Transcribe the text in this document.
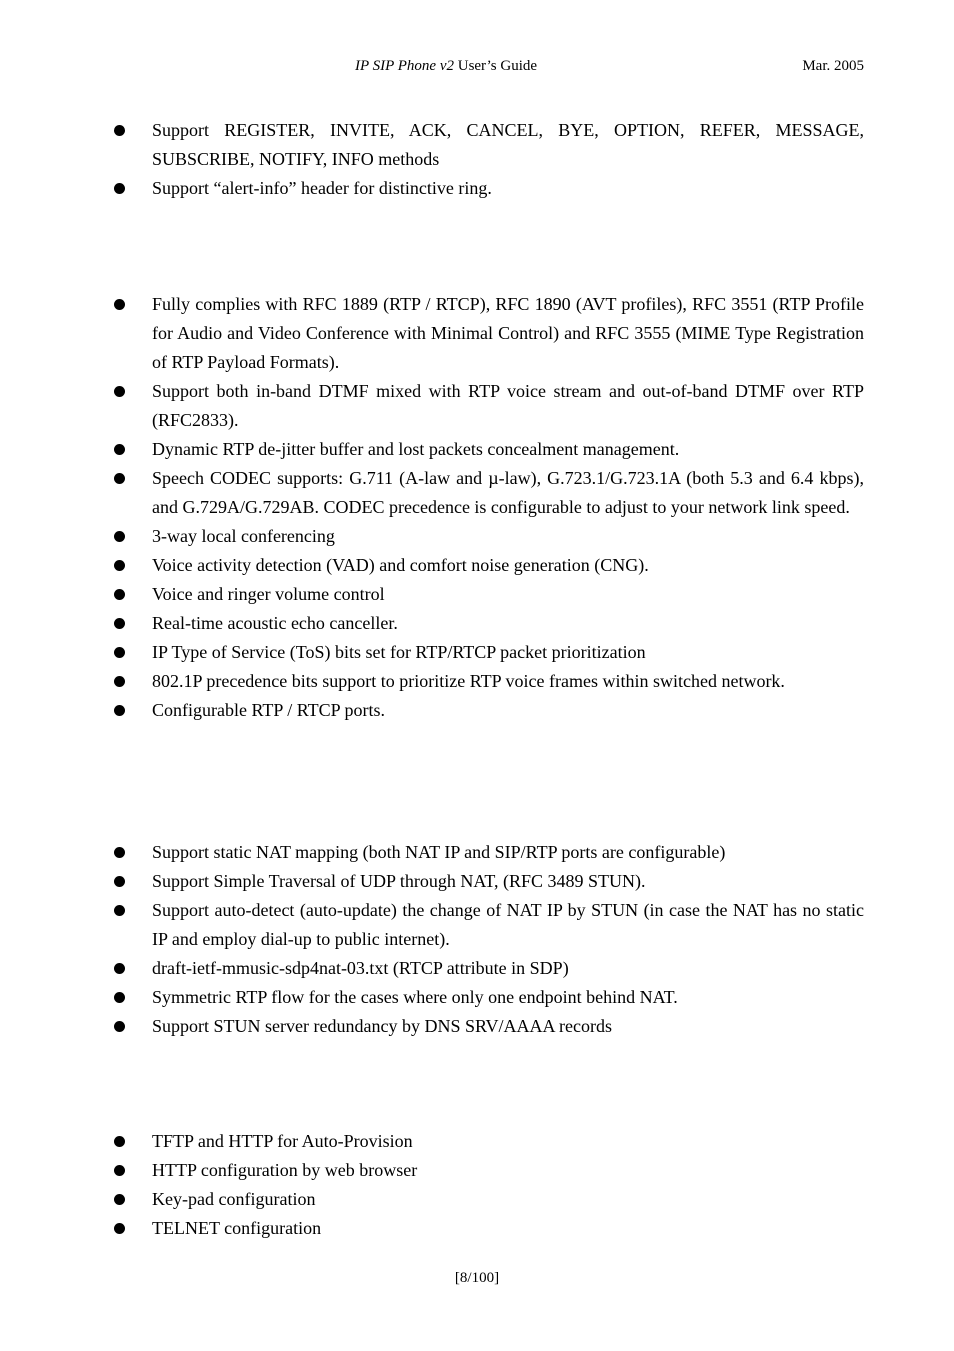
IP SIP Phone v2 User’s Guide	Mar. 2005
Support REGISTER, INVITE, ACK, CANCEL, BYE, OPTION, REFER, MESSAGE, SUBSCRIBE, NOTIFY, INFO methods
Support “alert-info” header for distinctive ring.
Fully complies with RFC 1889 (RTP / RTCP), RFC 1890 (AVT profiles), RFC 3551 (RTP Profile for Audio and Video Conference with Minimal Control) and RFC 3555 (MIME Type Registration of RTP Payload Formats).
Support both in-band DTMF mixed with RTP voice stream and out-of-band DTMF over RTP (RFC2833).
Dynamic RTP de-jitter buffer and lost packets concealment management.
Speech CODEC supports: G.711 (A-law and µ-law), G.723.1/G.723.1A (both 5.3 and 6.4 kbps), and G.729A/G.729AB. CODEC precedence is configurable to adjust to your network link speed.
3-way local conferencing
Voice activity detection (VAD) and comfort noise generation (CNG).
Voice and ringer volume control
Real-time acoustic echo canceller.
IP Type of Service (ToS) bits set for RTP/RTCP packet prioritization
802.1P precedence bits support to prioritize RTP voice frames within switched network.
Configurable RTP / RTCP ports.
Support static NAT mapping (both NAT IP and SIP/RTP ports are configurable)
Support Simple Traversal of UDP through NAT, (RFC 3489 STUN).
Support auto-detect (auto-update) the change of NAT IP by STUN (in case the NAT has no static IP and employ dial-up to public internet).
draft-ietf-mmusic-sdp4nat-03.txt (RTCP attribute in SDP)
Symmetric RTP flow for the cases where only one endpoint behind NAT.
Support STUN server redundancy by DNS SRV/AAAA records
TFTP and HTTP for Auto-Provision
HTTP configuration by web browser
Key-pad configuration
TELNET configuration
[8/100]
